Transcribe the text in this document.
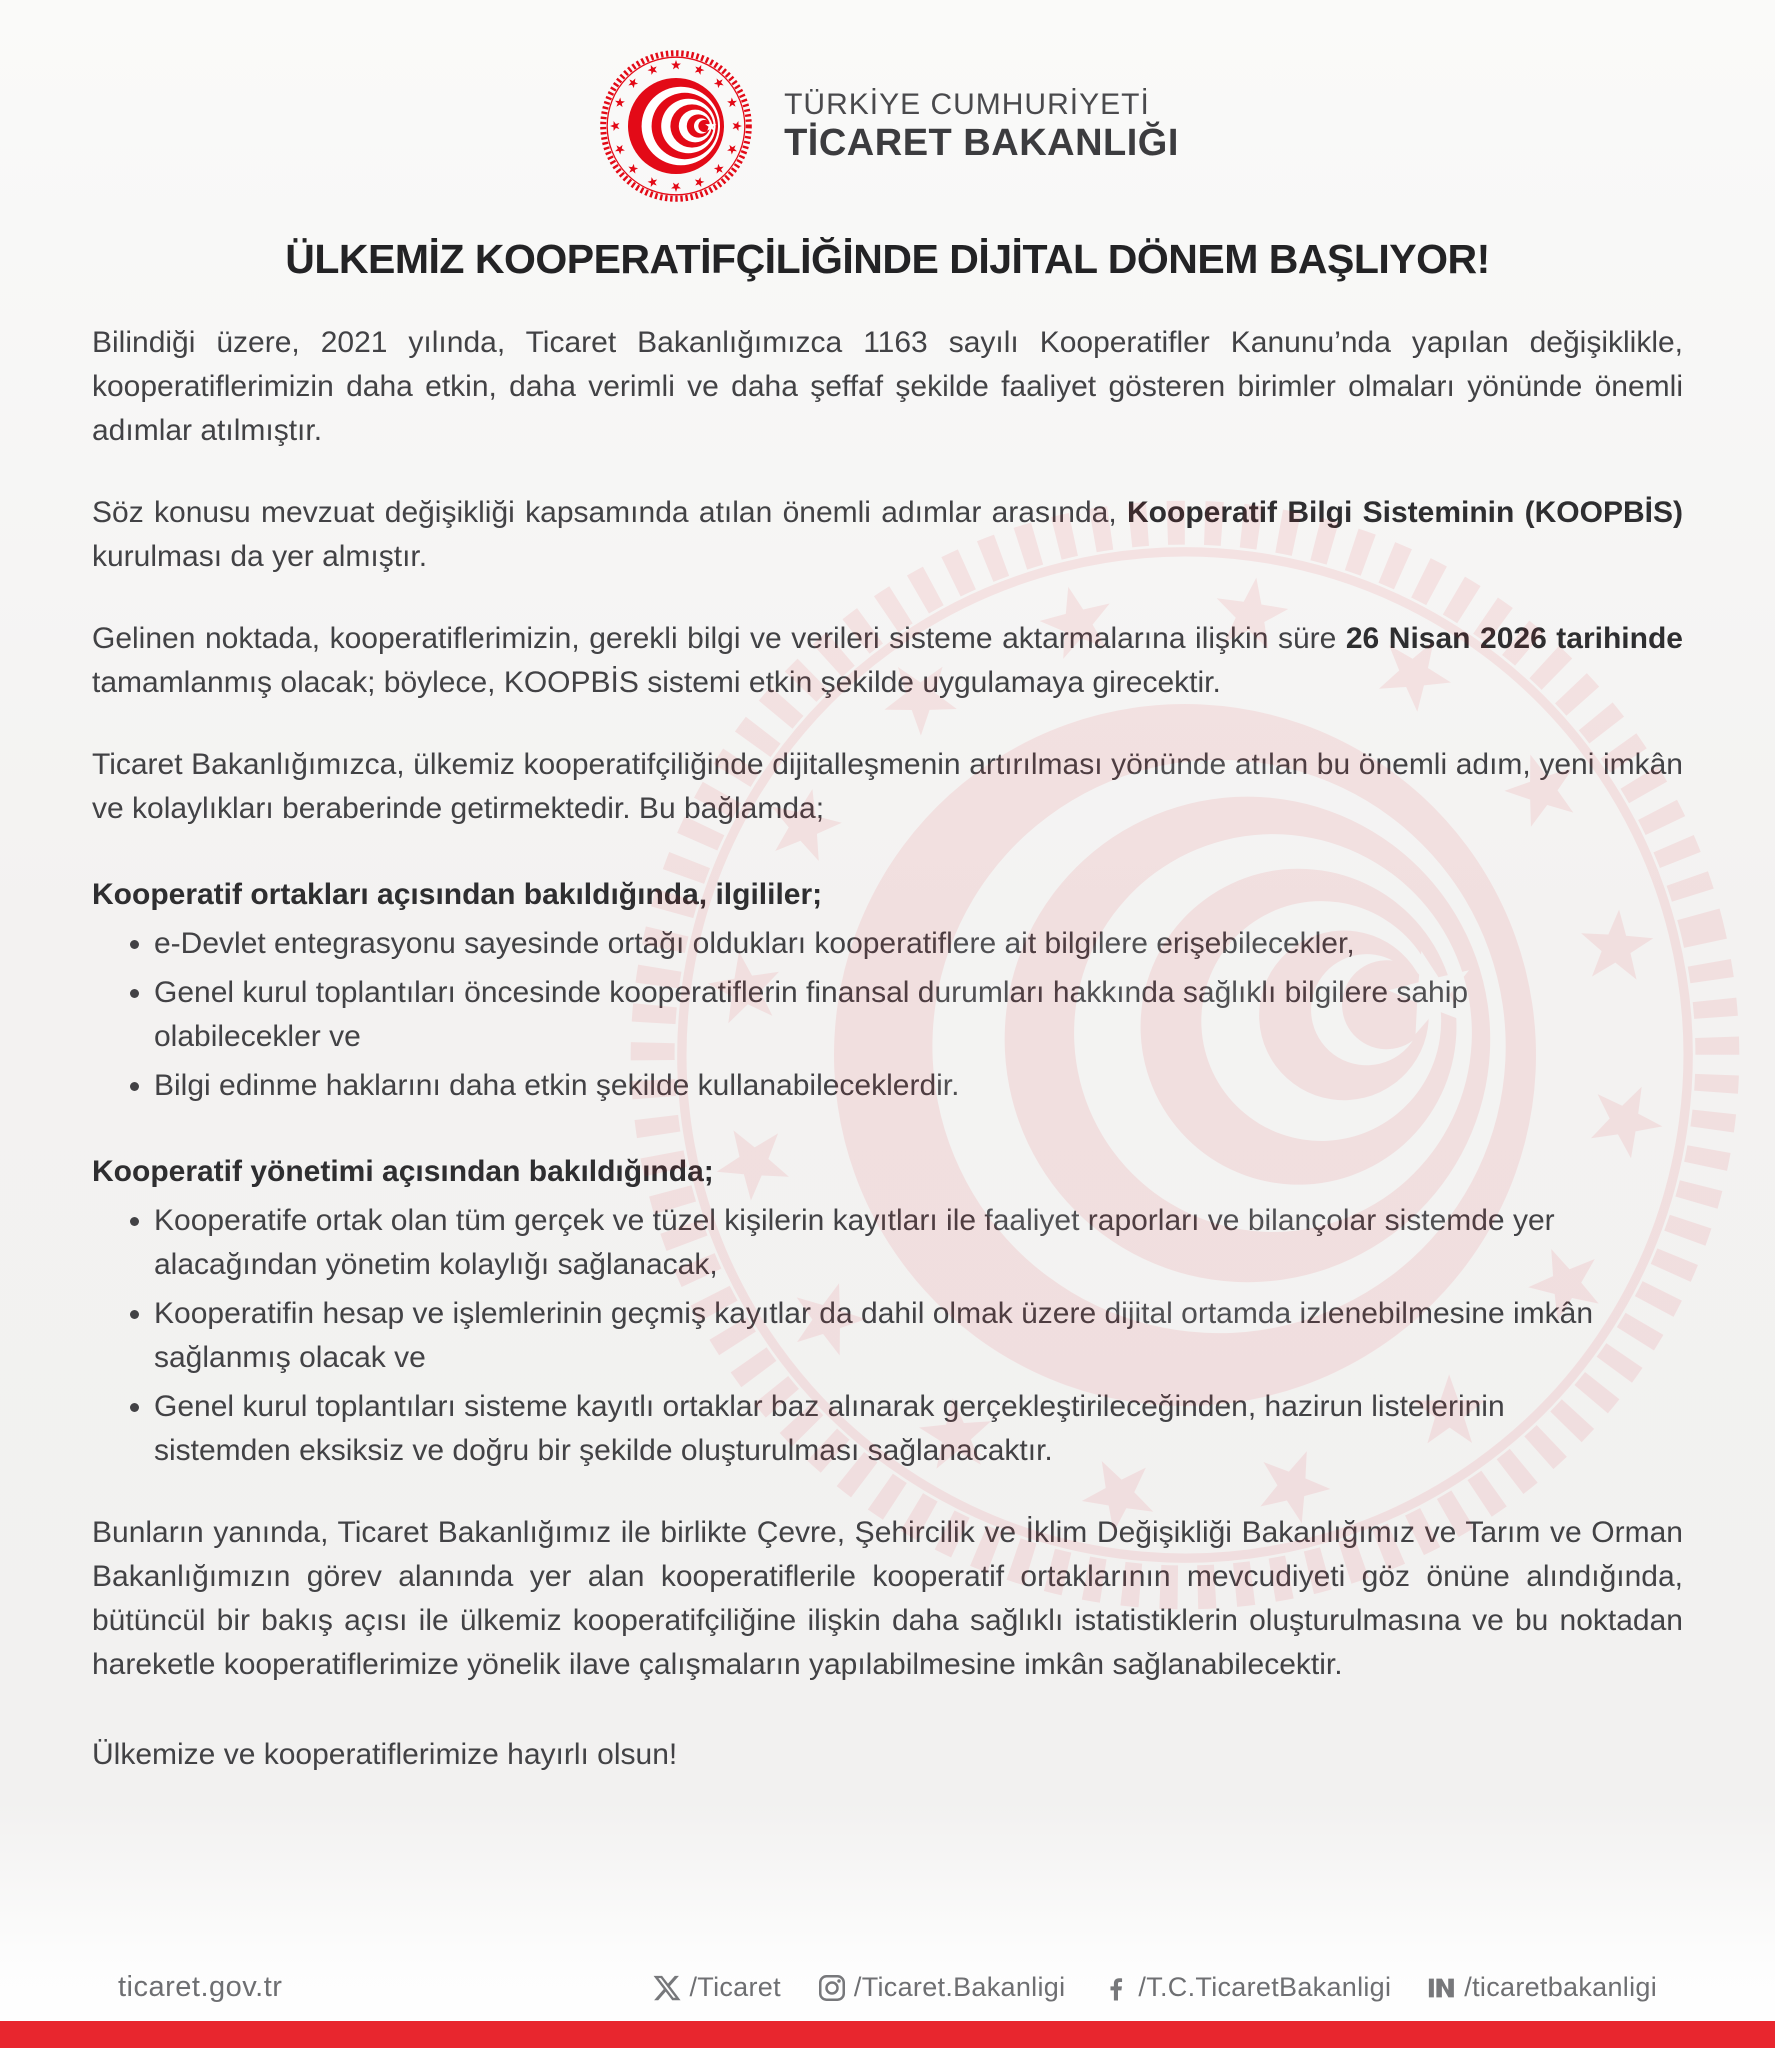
TÜRKİYE CUMHURİYETİ
TİCARET BAKANLIĞI
ÜLKEMİZ KOOPERATİFÇİLİĞİNDE DİJİTAL DÖNEM BAŞLIYOR!

Bilindiği üzere, 2021 yılında, Ticaret Bakanlığımızca 1163 sayılı Kooperatifler Kanunu’nda yapılan değişiklikle, kooperatiflerimizin daha etkin, daha verimli ve daha şeffaf şekilde faaliyet gösteren birimler olmaları yönünde önemli adımlar atılmıştır.

Söz konusu mevzuat değişikliği kapsamında atılan önemli adımlar arasında, Kooperatif Bilgi Sisteminin (KOOPBİS) kurulması da yer almıştır.

Gelinen noktada, kooperatiflerimizin, gerekli bilgi ve verileri sisteme aktarmalarına ilişkin süre 26 Nisan 2026 tarihinde tamamlanmış olacak; böylece, KOOPBİS sistemi etkin şekilde uygulamaya girecektir.

Ticaret Bakanlığımızca, ülkemiz kooperatifçiliğinde dijitalleşmenin artırılması yönünde atılan bu önemli adım, yeni imkân ve kolaylıkları beraberinde getirmektedir. Bu bağlamda;

Kooperatif ortakları açısından bakıldığında, ilgililer;
• e-Devlet entegrasyonu sayesinde ortağı oldukları kooperatiflere ait bilgilere erişebilecekler,
• Genel kurul toplantıları öncesinde kooperatiflerin finansal durumları hakkında sağlıklı bilgilere sahip olabilecekler ve
• Bilgi edinme haklarını daha etkin şekilde kullanabileceklerdir.
Kooperatif yönetimi açısından bakıldığında;
• Kooperatife ortak olan tüm gerçek ve tüzel kişilerin kayıtları ile faaliyet raporları ve bilançolar sistemde yer alacağından yönetim kolaylığı sağlanacak,
• Kooperatifin hesap ve işlemlerinin geçmiş kayıtlar da dahil olmak üzere dijital ortamda izlenebilmesine imkân sağlanmış olacak ve
• Genel kurul toplantıları sisteme kayıtlı ortaklar baz alınarak gerçekleştirileceğinden, hazirun listelerinin sistemden eksiksiz ve doğru bir şekilde oluşturulması sağlanacaktır.

Bunların yanında, Ticaret Bakanlığımız ile birlikte Çevre, Şehircilik ve İklim Değişikliği Bakanlığımız ve Tarım ve Orman Bakanlığımızın görev alanında yer alan kooperatiflerile kooperatif ortaklarının mevcudiyeti göz önüne alındığında, bütüncül bir bakış açısı ile ülkemiz kooperatifçiliğine ilişkin daha sağlıklı istatistiklerin oluşturulmasına ve bu noktadan hareketle kooperatiflerimize yönelik ilave çalışmaların yapılabilmesine imkân sağlanabilecektir.

Ülkemize ve kooperatiflerimize hayırlı olsun!

ticaret.gov.tr	/Ticaret	/Ticaret.Bakanligi	/T.C.TicaretBakanligi	/ticaretbakanligi
